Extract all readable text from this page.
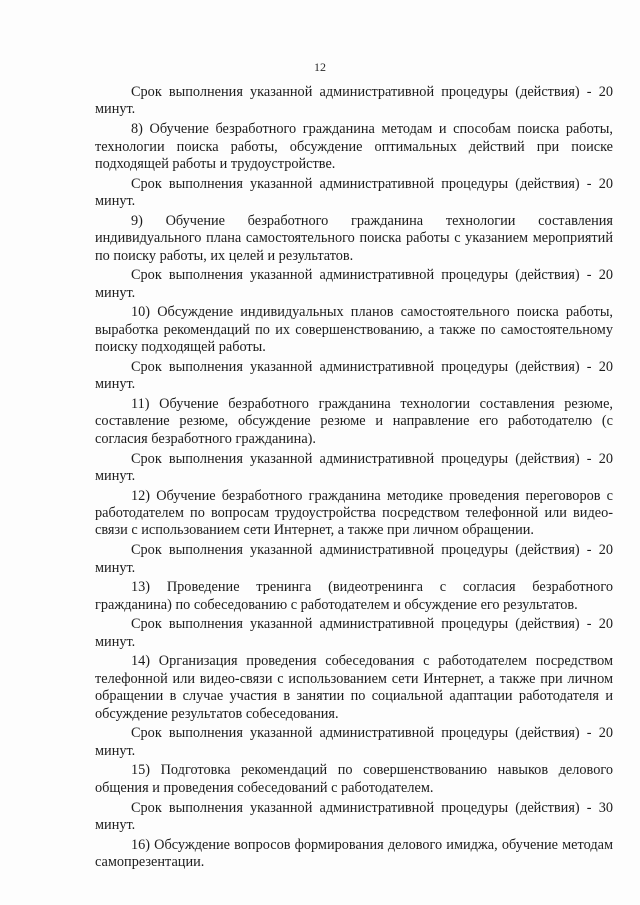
12

Срок выполнения указанной административной процедуры (действия) - 20 минут.

8) Обучение безработного гражданина методам и способам поиска работы, технологии поиска работы, обсуждение оптимальных действий при поиске подходящей работы и трудоустройстве.

Срок выполнения указанной административной процедуры (действия) - 20 минут.

9) Обучение безработного гражданина технологии составления индивидуального плана самостоятельного поиска работы с указанием мероприятий по поиску работы, их целей и результатов.

Срок выполнения указанной административной процедуры (действия) - 20 минут.

10) Обсуждение индивидуальных планов самостоятельного поиска работы, выработка рекомендаций по их совершенствованию, а также по самостоятельному поиску подходящей работы.

Срок выполнения указанной административной процедуры (действия) - 20 минут.

11) Обучение безработного гражданина технологии составления резюме, составление резюме, обсуждение резюме и направление его работодателю (с согласия безработного гражданина).

Срок выполнения указанной административной процедуры (действия) - 20 минут.

12) Обучение безработного гражданина методике проведения переговоров с работодателем по вопросам трудоустройства посредством телефонной или видео-связи с использованием сети Интернет, а также при личном обращении.

Срок выполнения указанной административной процедуры (действия) - 20 минут.

13) Проведение тренинга (видеотренинга с согласия безработного гражданина) по собеседованию с работодателем и обсуждение его результатов.

Срок выполнения указанной административной процедуры (действия) - 20 минут.

14) Организация проведения собеседования с работодателем посредством телефонной или видео-связи с использованием сети Интернет, а также при личном обращении в случае участия в занятии по социальной адаптации работодателя и обсуждение результатов собеседования.

Срок выполнения указанной административной процедуры (действия) - 20 минут.

15) Подготовка рекомендаций по совершенствованию навыков делового общения и проведения собеседований с работодателем.

Срок выполнения указанной административной процедуры (действия) - 30 минут.

16) Обсуждение вопросов формирования делового имиджа, обучение методам самопрезентации.
